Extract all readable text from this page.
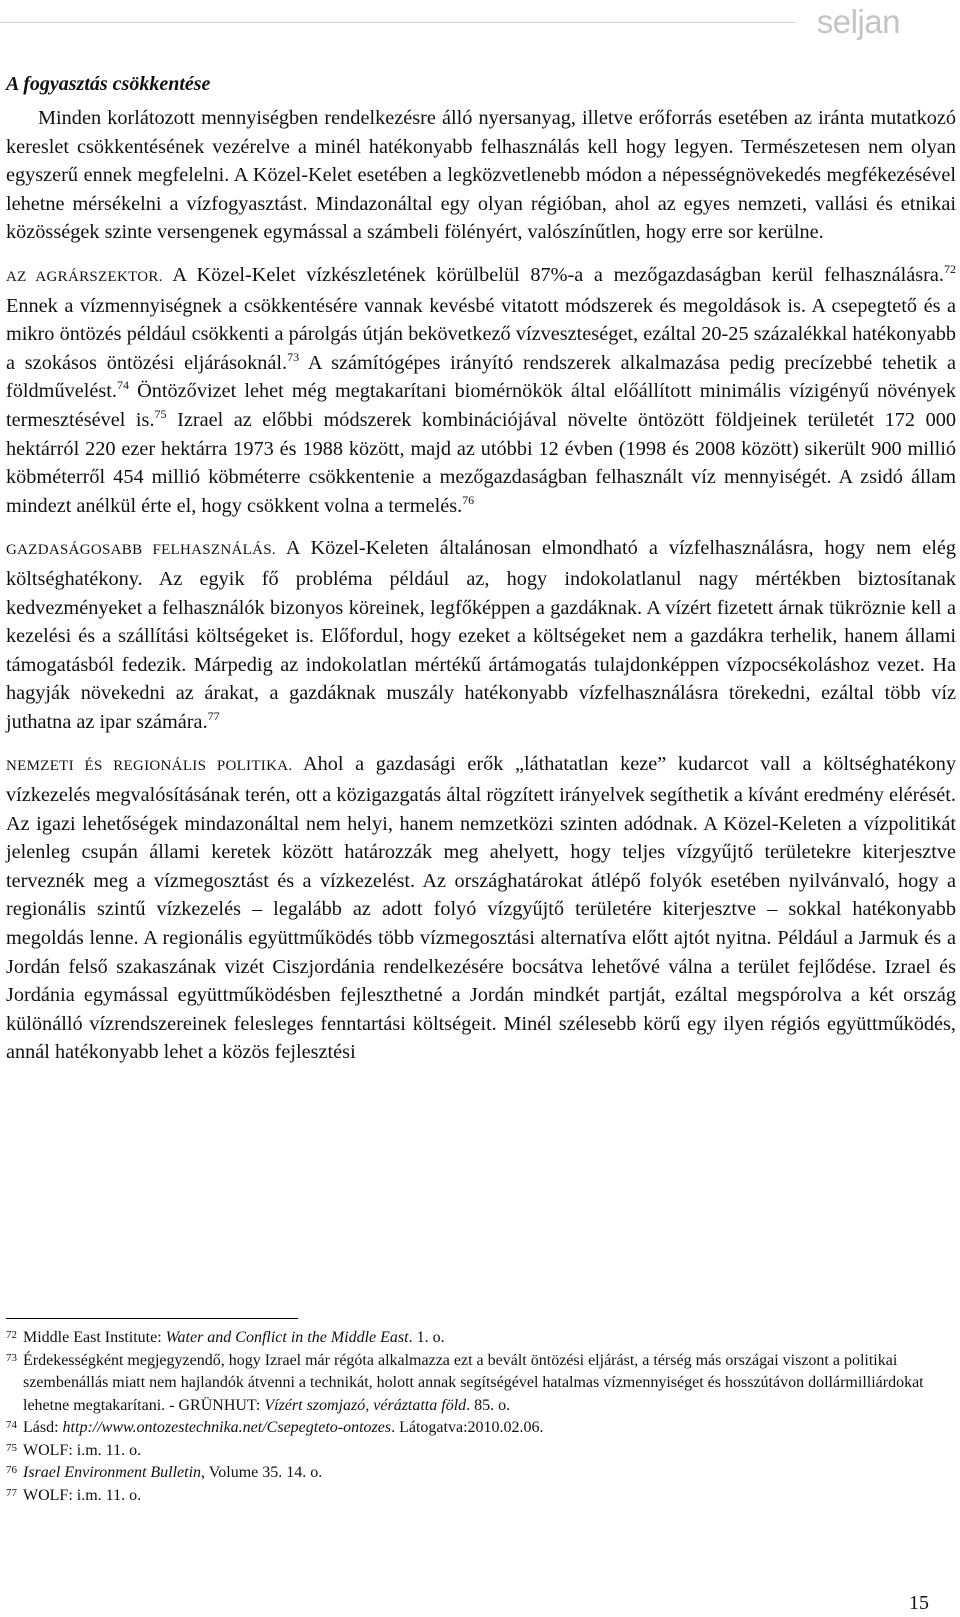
seljan
A fogyasztás csökkentése

Minden korlátozott mennyiségben rendelkezésre álló nyersanyag, illetve erőforrás esetében az iránta mutatkozó kereslet csökkentésének vezérelve a minél hatékonyabb felhasználás kell hogy legyen. Természetesen nem olyan egyszerű ennek megfelelni. A Közel-Kelet esetében a legközvetlenebb módon a népességnövekedés megfékezésével lehetne mérsékelni a vízfogyasztást. Mindazonáltal egy olyan régióban, ahol az egyes nemzeti, vallási és etnikai közösségek szinte versengenek egymással a számbeli fölényért, valószínűtlen, hogy erre sor kerülne.

AZ AGRÁRSZEKTOR. A Közel-Kelet vízkészletének körülbelül 87%-a a mezőgazdaságban kerül felhasználásra.$^{72}$ Ennek a vízmennyiségnek a csökkentésére vannak kevésbé vitatott módszerek és megoldások is. A csepegtető és a mikro öntözés például csökkenti a párolgás útján bekövetkező vízveszteséget, ezáltal 20-25 százalékkal hatékonyabb a szokásos öntözési eljárásoknál.$^{73}$ A számítógépes irányító rendszerek alkalmazása pedig precízebbé tehetik a földművelést.$^{74}$ Öntözővizet lehet még megtakarítani biomérnökök által előállított minimális vízigényű növények termesztésével is.$^{75}$ Izrael az előbbi módszerek kombinációjával növelte öntözött földjeinek területét 172 000 hektárról 220 ezer hektárra 1973 és 1988 között, majd az utóbbi 12 évben (1998 és 2008 között) sikerült 900 millió köbméterről 454 millió köbméterre csökkentenie a mezőgazdaságban felhasznált víz mennyiségét. A zsidó állam mindezt anélkül érte el, hogy csökkent volna a termelés.$^{76}$

GAZDASÁGOSABB FELHASZNÁLÁS. A Közel-Keleten általánosan elmondható a vízfelhasználásra, hogy nem elég költséghatékony. Az egyik fő probléma például az, hogy indokolatlanul nagy mértékben biztosítanak kedvezményeket a felhasználók bizonyos köreinek, legfőképpen a gazdáknak. A vízért fizetett árnak tükröznie kell a kezelési és a szállítási költségeket is. Előfordul, hogy ezeket a költségeket nem a gazdákra terhelik, hanem állami támogatásból fedezik. Márpedig az indokolatlan mértékű ártámogatás tulajdonképpen vízpocsékoláshoz vezet. Ha hagyják növekedni az árakat, a gazdáknak muszály hatékonyabb vízfelhasználásra törekedni, ezáltal több víz juthatna az ipar számára.$^{77}$

NEMZETI ÉS REGIONÁLIS POLITIKA. Ahol a gazdasági erők „láthatatlan keze” kudarcot vall a költséghatékony vízkezelés megvalósításának terén, ott a közigazgatás által rögzített irányelvek segíthetik a kívánt eredmény elérését. Az igazi lehetőségek mindazonáltal nem helyi, hanem nemzetközi szinten adódnak. A Közel-Keleten a vízpolitikát jelenleg csupán állami keretek között határozzák meg ahelyett, hogy teljes vízgyűjtő területekre kiterjesztve terveznék meg a vízmegosztást és a vízkezelést. Az országhatárokat átlépő folyók esetében nyilvánvaló, hogy a regionális szintű vízkezelés – legalább az adott folyó vízgyűjtő területére kiterjesztve – sokkal hatékonyabb megoldás lenne. A regionális együttműködés több vízmegosztási alternatíva előtt ajtót nyitna. Például a Jarmuk és a Jordán felső szakaszának vizét Ciszjordánia rendelkezésére bocsátva lehetővé válna a terület fejlődése. Izrael és Jordánia egymással együttműködésben fejleszthetné a Jordán mindkét partját, ezáltal megspórolva a két ország különálló vízrendszereinek felesleges fenntartási költségeit. Minél szélesebb körű egy ilyen régiós együttműködés, annál hatékonyabb lehet a közös fejlesztési

72 Middle East Institute: Water and Conflict in the Middle East. 1. o.
73 Érdekességként megjegyzendő, hogy Izrael már régóta alkalmazza ezt a bevált öntözési eljárást, a térség más országai viszont a politikai szembenállás miatt nem hajlandók átvenni a technikát, holott annak segítségével hatalmas vízmennyiséget és hosszútávon dollármilliárdokat lehetne megtakarítani. - GRÜNHUT: Vízért szomjazó, véráztatta föld. 85. o.
74 Lásd: http://www.ontozestechnika.net/Csepegteto-ontozes. Látogatva:2010.02.06.
75 WOLF: i.m. 11. o.
76 Israel Environment Bulletin, Volume 35. 14. o.
77 WOLF: i.m. 11. o.
15
